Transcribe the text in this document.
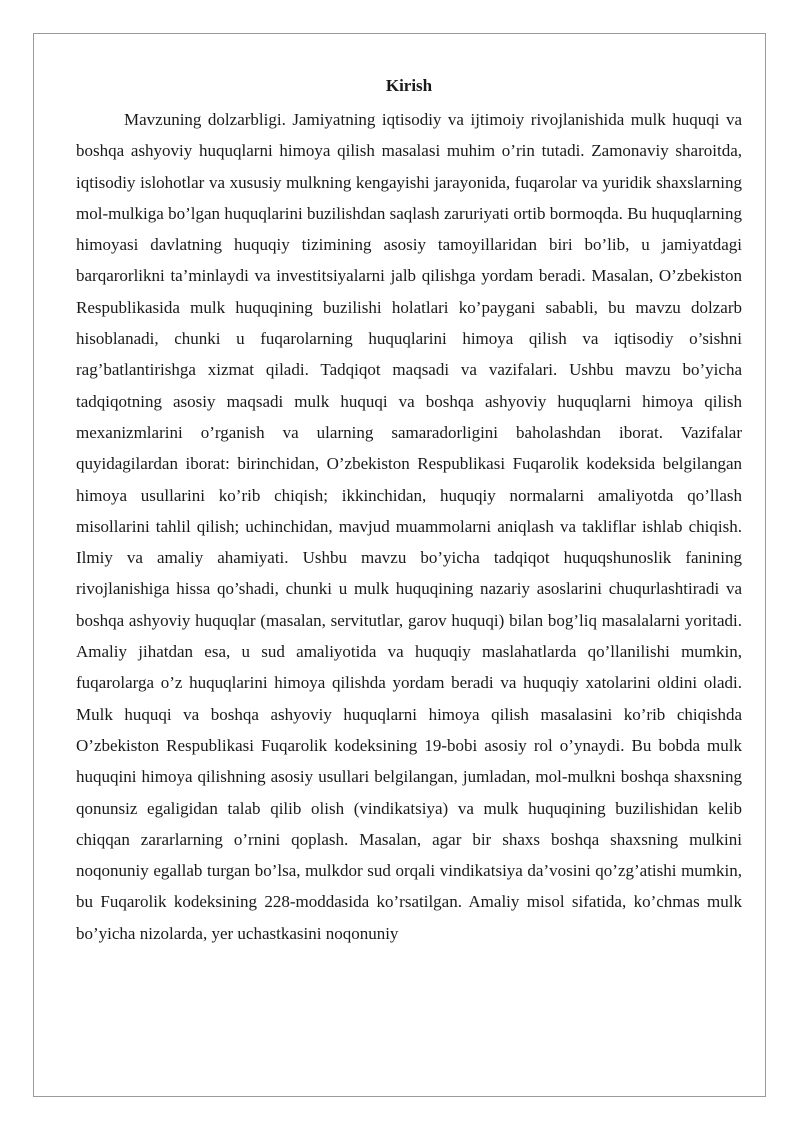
Kirish

Mavzuning dolzarbligi. Jamiyatning iqtisodiy va ijtimoiy rivojlanishida mulk huquqi va boshqa ashyoviy huquqlarni himoya qilish masalasi muhim o’rin tutadi. Zamonaviy sharoitda, iqtisodiy islohotlar va xususiy mulkning kengayishi jarayonida, fuqarolar va yuridik shaxslarning mol-mulkiga bo’lgan huquqlarini buzilishdan saqlash zaruriyati ortib bormoqda. Bu huquqlarning himoyasi davlatning huquqiy tizimining asosiy tamoyillaridan biri bo’lib, u jamiyatdagi barqarorlikni ta’minlaydi va investitsiyalarni jalb qilishga yordam beradi. Masalan, O’zbekiston Respublikasida mulk huquqining buzilishi holatlari ko’paygani sababli, bu mavzu dolzarb hisoblanadi, chunki u fuqarolarning huquqlarini himoya qilish va iqtisodiy o’sishni rag’batlantirishga xizmat qiladi. Tadqiqot maqsadi va vazifalari. Ushbu mavzu bo’yicha tadqiqotning asosiy maqsadi mulk huquqi va boshqa ashyoviy huquqlarni himoya qilish mexanizmlarini o’rganish va ularning samaradorligini baholashdan iborat. Vazifalar quyidagilardan iborat: birinchidan, O’zbekiston Respublikasi Fuqarolik kodeksida belgilangan himoya usullarini ko’rib chiqish; ikkinchidan, huquqiy normalarni amaliyotda qo’llash misollarini tahlil qilish; uchinchidan, mavjud muammolarni aniqlash va takliflar ishlab chiqish. Ilmiy va amaliy ahamiyati. Ushbu mavzu bo’yicha tadqiqot huquqshunoslik fanining rivojlanishiga hissa qo’shadi, chunki u mulk huquqining nazariy asoslarini chuqurlashtiradi va boshqa ashyoviy huquqlar (masalan, servitutlar, garov huquqi) bilan bog’liq masalalarni yoritadi. Amaliy jihatdan esa, u sud amaliyotida va huquqiy maslahatlarda qo’llanilishi mumkin, fuqarolarga o’z huquqlarini himoya qilishda yordam beradi va huquqiy xatolarini oldini oladi. Mulk huquqi va boshqa ashyoviy huquqlarni himoya qilish masalasini ko’rib chiqishda O’zbekiston Respublikasi Fuqarolik kodeksining 19-bobi asosiy rol o’ynaydi. Bu bobda mulk huquqini himoya qilishning asosiy usullari belgilangan, jumladan, mol-mulkni boshqa shaxsning qonunsiz egaligidan talab qilib olish (vindikatsiya) va mulk huquqining buzilishidan kelib chiqqan zararlarning o’rnini qoplash. Masalan, agar bir shaxs boshqa shaxsning mulkini noqonuniy egallab turgan bo’lsa, mulkdor sud orqali vindikatsiya da’vosini qo’zg’atishi mumkin, bu Fuqarolik kodeksining 228-moddasida ko’rsatilgan. Amaliy misol sifatida, ko’chmas mulk bo’yicha nizolarda, yer uchastkasini noqonuniy
